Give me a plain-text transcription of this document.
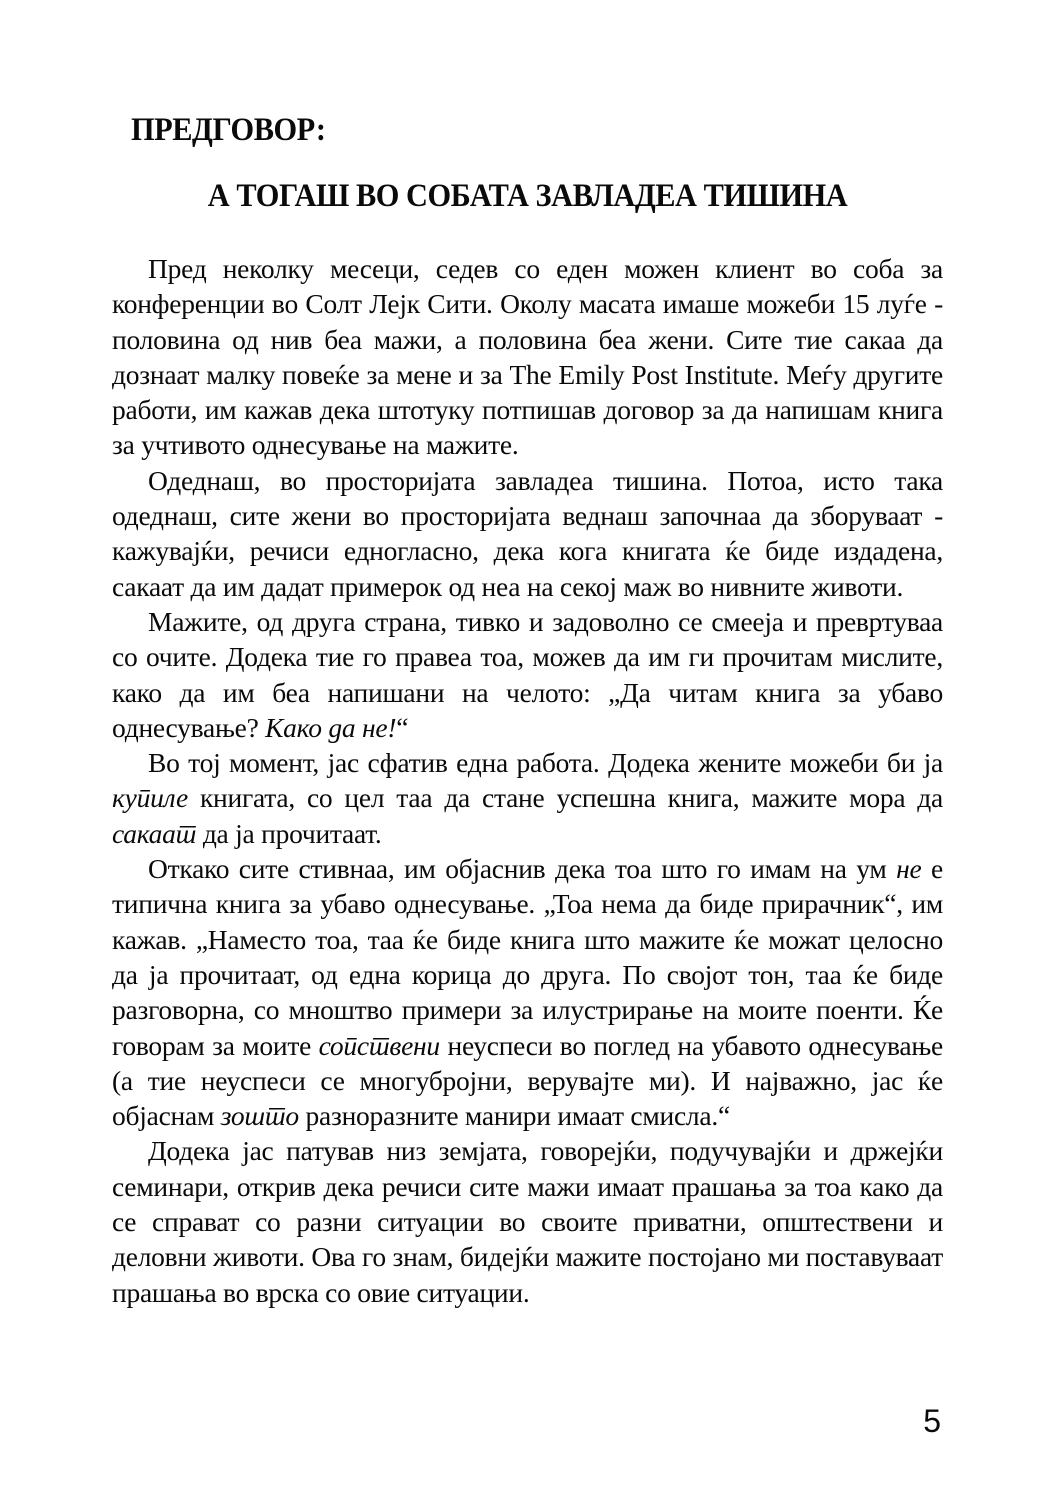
ПРЕДГОВОР:
А ТОГАШ ВО СОБАТА ЗАВЛАДЕА ТИШИНА

Пред неколку месеци, седев со еден можен клиент во соба за конференции во Солт Лејк Сити. Околу масата имаше можеби 15 луѓе - половина од нив беа мажи, а половина беа жени. Сите тие сакаа да дознаат малку повеќе за мене и за The Emily Post Institute. Меѓу другите работи, им кажав дека штотуку потпишав договор за да напишам книга за учтивото однесување на мажите.

Одеднаш, во просторијата завладеа тишина. Потоа, исто така одеднаш, сите жени во просторијата веднаш започнаа да зборуваат - кажувајќи, речиси едногласно, дека кога книгата ќе биде издадена, сакаат да им дадат примерок од неа на секој маж во нивните животи.

Мажите, од друга страна, тивко и задоволно се смееја и превртуваа со очите. Додека тие го правеа тоа, можев да им ги прочитам мислите, како да им беа напишани на челото: „Да читам книга за убаво однесување? Како да не!“

Во тој момент, јас сфатив една работа. Додека жените можеби би ја купиле книгата, со цел таа да стане успешна книга, мажите мора да сакаат да ја прочитаат.

Откако сите стивнаа, им објаснив дека тоа што го имам на ум не е типична книга за убаво однесување. „Тоа нема да биде прирачник“, им кажав. „Наместо тоа, таа ќе биде книга што мажите ќе можат целосно да ја прочитаат, од една корица до друга. По својот тон, таа ќе биде разговорна, со мноштво примери за илустрирање на моите поенти. Ќе говорам за моите сопствени неуспеси во поглед на убавото однесување (а тие неуспеси се многубројни, верувајте ми). И најважно, јас ќе објаснам зошто разноразните манири имаат смисла.“

Додека јас патував низ земјата, говорејќи, подучувајќи и држејќи семинари, открив дека речиси сите мажи имаат прашања за тоа како да се справат со разни ситуации во своите приватни, општествени и деловни животи. Ова го знам, бидејќи мажите постојано ми поставуваат прашања во врска со овие ситуации.

5
